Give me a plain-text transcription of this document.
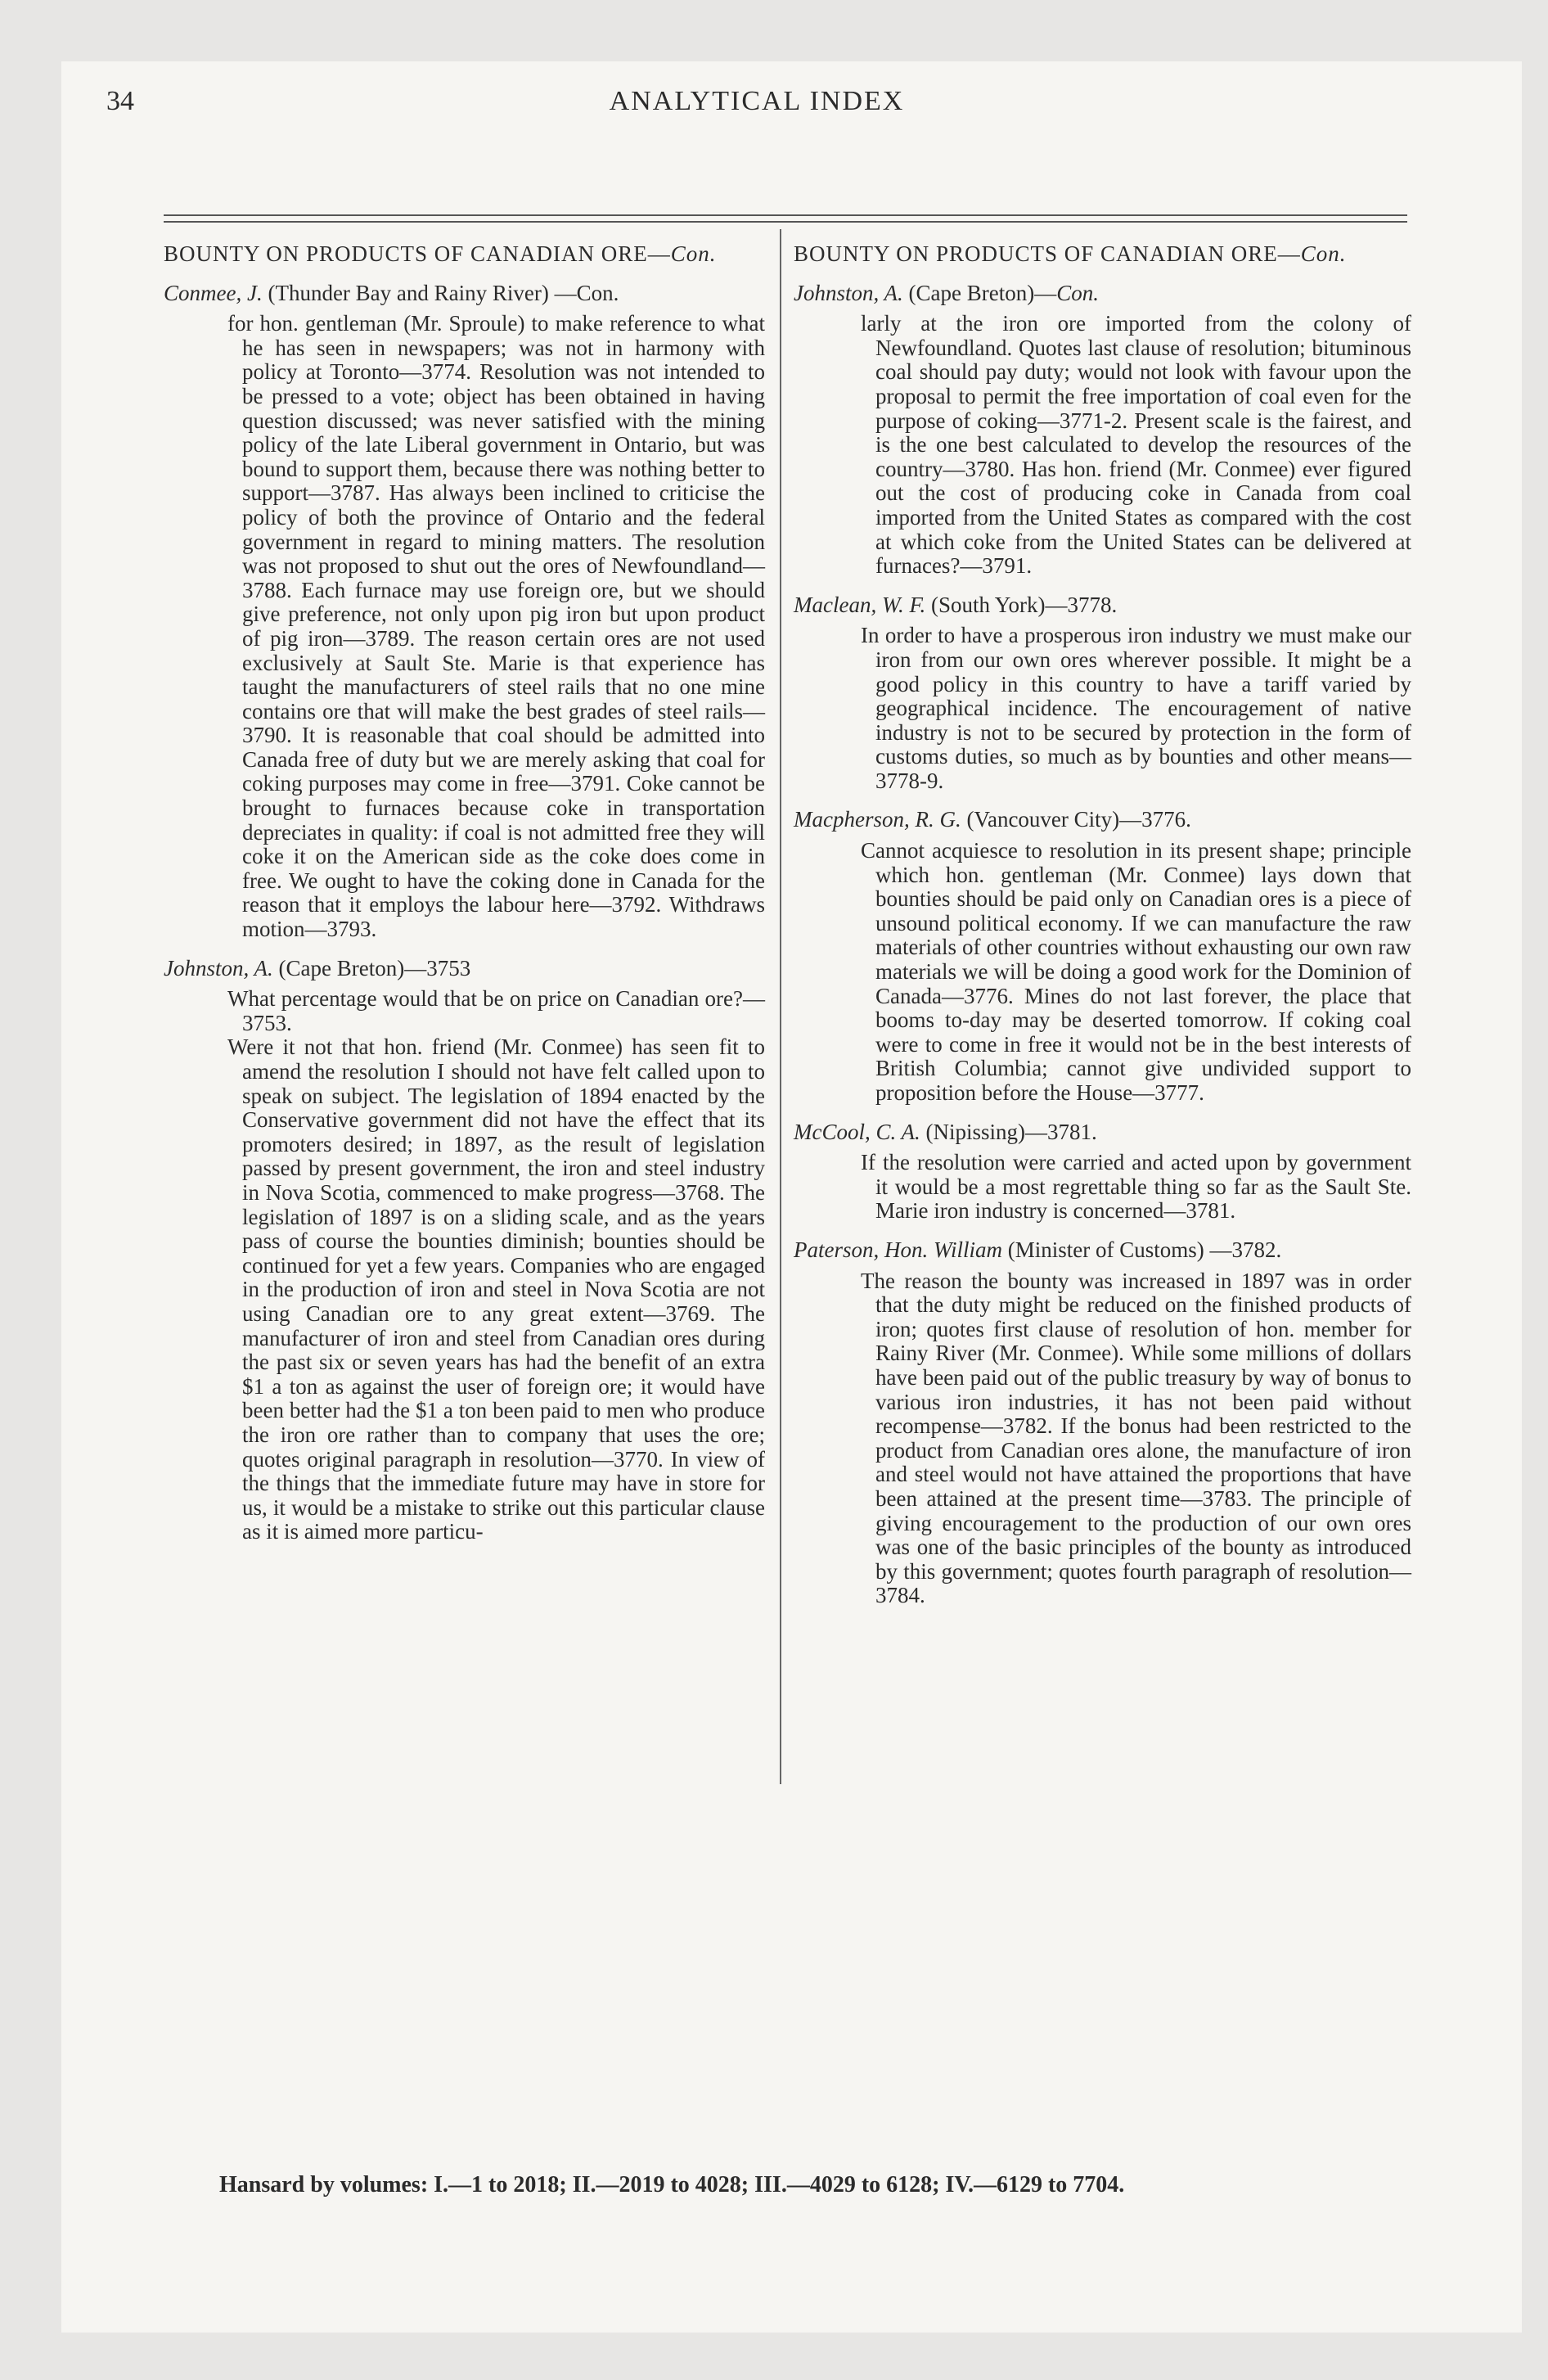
34	ANALYTICAL INDEX
BOUNTY ON PRODUCTS OF CANADIAN ORE—Con.
Conmee, J. (Thunder Bay and Rainy River) —Con.

for hon. gentleman (Mr. Sproule) to make reference to what he has seen in newspapers; was not in harmony with policy at Toronto—3774. Resolution was not intended to be pressed to a vote; object has been obtained in having question discussed; was never satisfied with the mining policy of the late Liberal government in Ontario, but was bound to support them, because there was nothing better to support—3787. Has always been inclined to criticise the policy of both the province of Ontario and the federal government in regard to mining matters. The resolution was not proposed to shut out the ores of Newfoundland—3788. Each furnace may use foreign ore, but we should give preference, not only upon pig iron but upon product of pig iron—3789. The reason certain ores are not used exclusively at Sault Ste. Marie is that experience has taught the manufacturers of steel rails that no one mine contains ore that will make the best grades of steel rails—3790. It is reasonable that coal should be admitted into Canada free of duty but we are merely asking that coal for coking purposes may come in free—3791. Coke cannot be brought to furnaces because coke in transportation depreciates in quality: if coal is not admitted free they will coke it on the American side as the coke does come in free. We ought to have the coking done in Canada for the reason that it employs the labour here—3792. Withdraws motion—3793.

Johnston, A. (Cape Breton)—3753

What percentage would that be on price on Canadian ore?—3753.

Were it not that hon. friend (Mr. Conmee) has seen fit to amend the resolution I should not have felt called upon to speak on subject. The legislation of 1894 enacted by the Conservative government did not have the effect that its promoters desired; in 1897, as the result of legislation passed by present government, the iron and steel industry in Nova Scotia, commenced to make progress—3768. The legislation of 1897 is on a sliding scale, and as the years pass of course the bounties diminish; bounties should be continued for yet a few years. Companies who are engaged in the production of iron and steel in Nova Scotia are not using Canadian ore to any great extent—3769. The manufacturer of iron and steel from Canadian ores during the past six or seven years has had the benefit of an extra $1 a ton as against the user of foreign ore; it would have been better had the $1 a ton been paid to men who produce the iron ore rather than to company that uses the ore; quotes original paragraph in resolution—3770. In view of the things that the immediate future may have in store for us, it would be a mistake to strike out this particular clause as it is aimed more particu-

BOUNTY ON PRODUCTS OF CANADIAN ORE—Con.
Johnston, A. (Cape Breton)—Con.

larly at the iron ore imported from the colony of Newfoundland. Quotes last clause of resolution; bituminous coal should pay duty; would not look with favour upon the proposal to permit the free importation of coal even for the purpose of coking—3771-2. Present scale is the fairest, and is the one best calculated to develop the resources of the country—3780. Has hon. friend (Mr. Conmee) ever figured out the cost of producing coke in Canada from coal imported from the United States as compared with the cost at which coke from the United States can be delivered at furnaces?—3791.

Maclean, W. F. (South York)—3778.

In order to have a prosperous iron industry we must make our iron from our own ores wherever possible. It might be a good policy in this country to have a tariff varied by geographical incidence. The encouragement of native industry is not to be secured by protection in the form of customs duties, so much as by bounties and other means—3778-9.

Macpherson, R. G. (Vancouver City)—3776.

Cannot acquiesce to resolution in its present shape; principle which hon. gentleman (Mr. Conmee) lays down that bounties should be paid only on Canadian ores is a piece of unsound political economy. If we can manufacture the raw materials of other countries without exhausting our own raw materials we will be doing a good work for the Dominion of Canada—3776. Mines do not last forever, the place that booms to-day may be deserted tomorrow. If coking coal were to come in free it would not be in the best interests of British Columbia; cannot give undivided support to proposition before the House—3777.

McCool, C. A. (Nipissing)—3781.

If the resolution were carried and acted upon by government it would be a most regrettable thing so far as the Sault Ste. Marie iron industry is concerned—3781.

Paterson, Hon. William (Minister of Customs) —3782.

The reason the bounty was increased in 1897 was in order that the duty might be reduced on the finished products of iron; quotes first clause of resolution of hon. member for Rainy River (Mr. Conmee). While some millions of dollars have been paid out of the public treasury by way of bonus to various iron industries, it has not been paid without recompense—3782. If the bonus had been restricted to the product from Canadian ores alone, the manufacture of iron and steel would not have attained the proportions that have been attained at the present time—3783. The principle of giving encouragement to the production of our own ores was one of the basic principles of the bounty as introduced by this government; quotes fourth paragraph of resolution—3784.

Hansard by volumes: I.—1 to 2018; II.—2019 to 4028; III.—4029 to 6128; IV.—6129 to 7704.
